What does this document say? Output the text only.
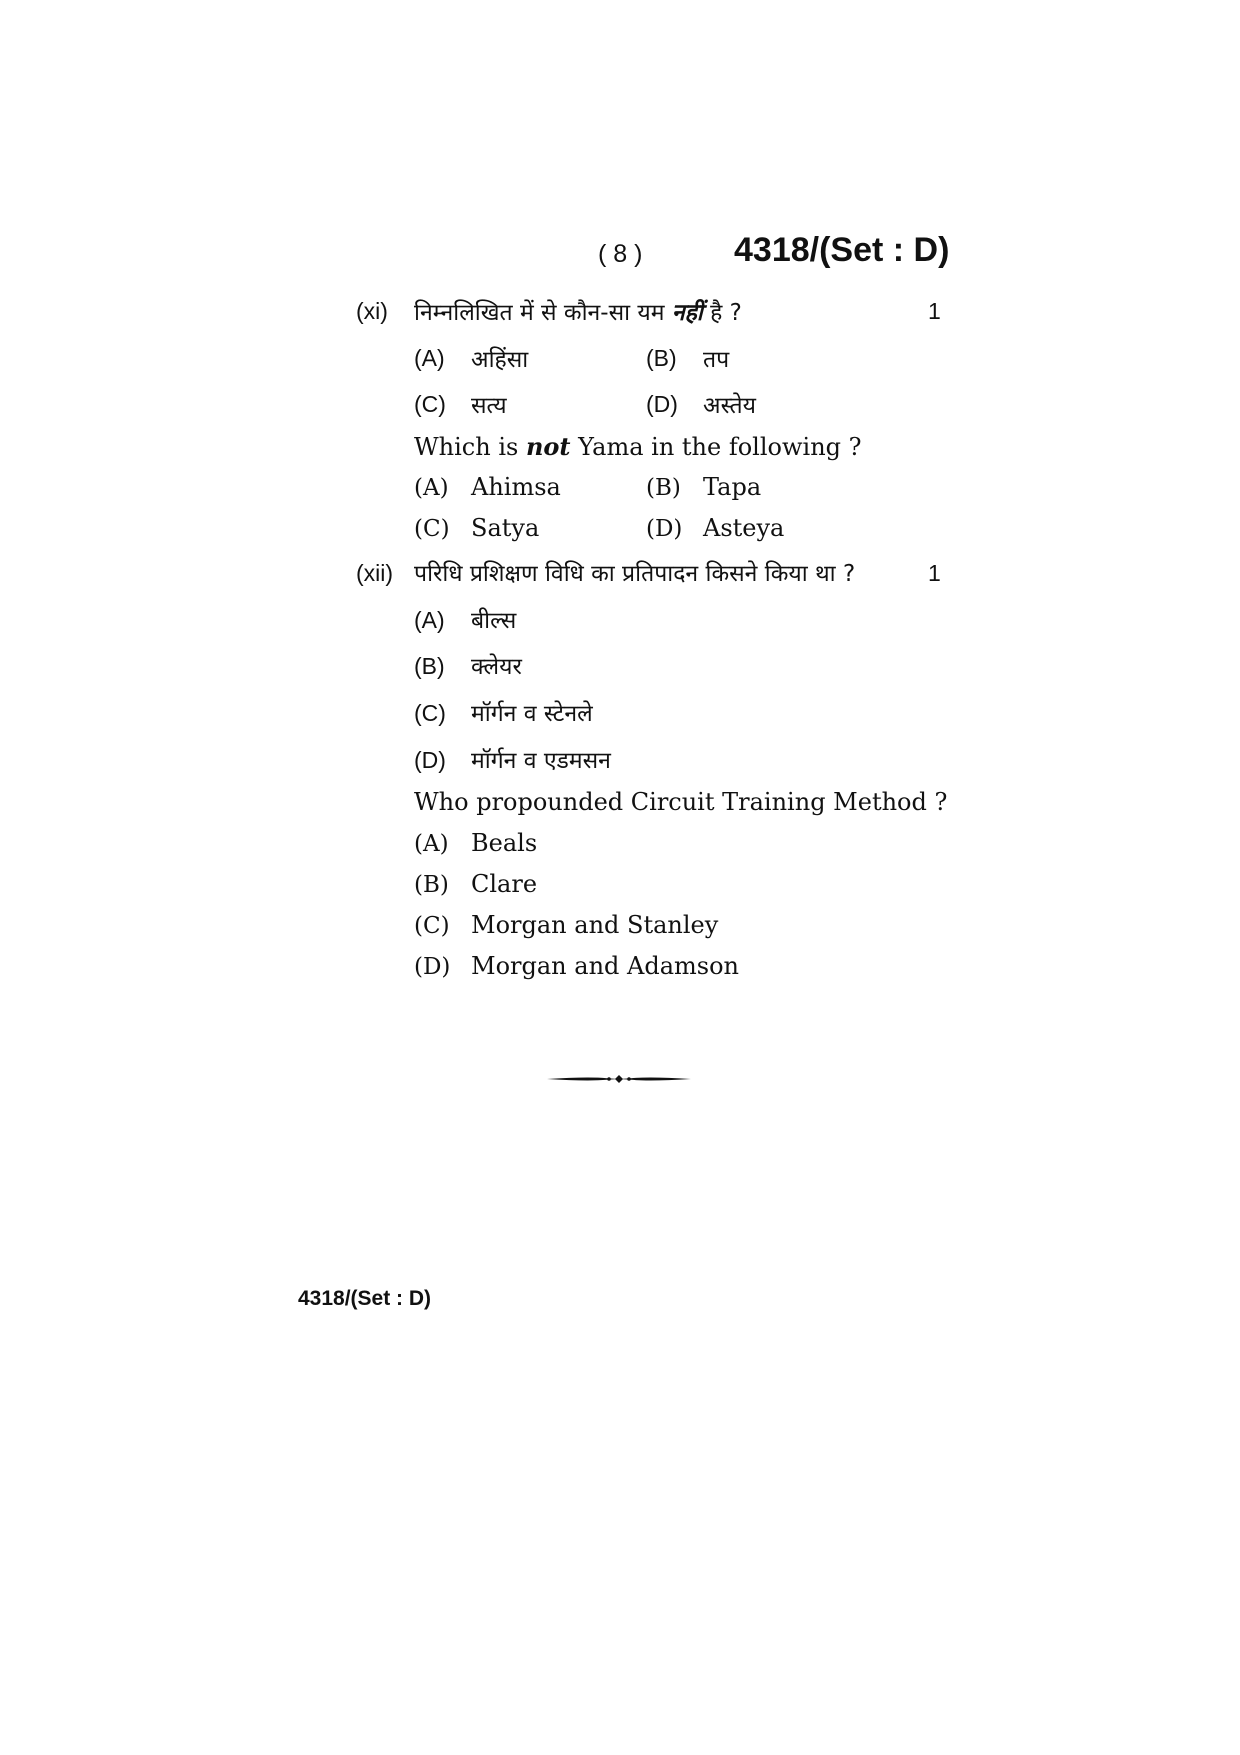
( 8 )	4318/(Set : D)
(xi) निम्नलिखित में से कौन-सा यम नहीं है ?	1
(A) अहिंसा	(B) तप
(C) सत्य	(D) अस्तेय
Which is not Yama in the following ?
(A) Ahimsa	(B) Tapa
(C) Satya	(D) Asteya
(xii) परिधि प्रशिक्षण विधि का प्रतिपादन किसने किया था ?	1
(A) बील्स
(B) क्लेयर
(C) मॉर्गन व स्टेनले
(D) मॉर्गन व एडमसन
Who propounded Circuit Training Method ?
(A) Beals
(B) Clare
(C) Morgan and Stanley
(D) Morgan and Adamson
4318/(Set : D)
